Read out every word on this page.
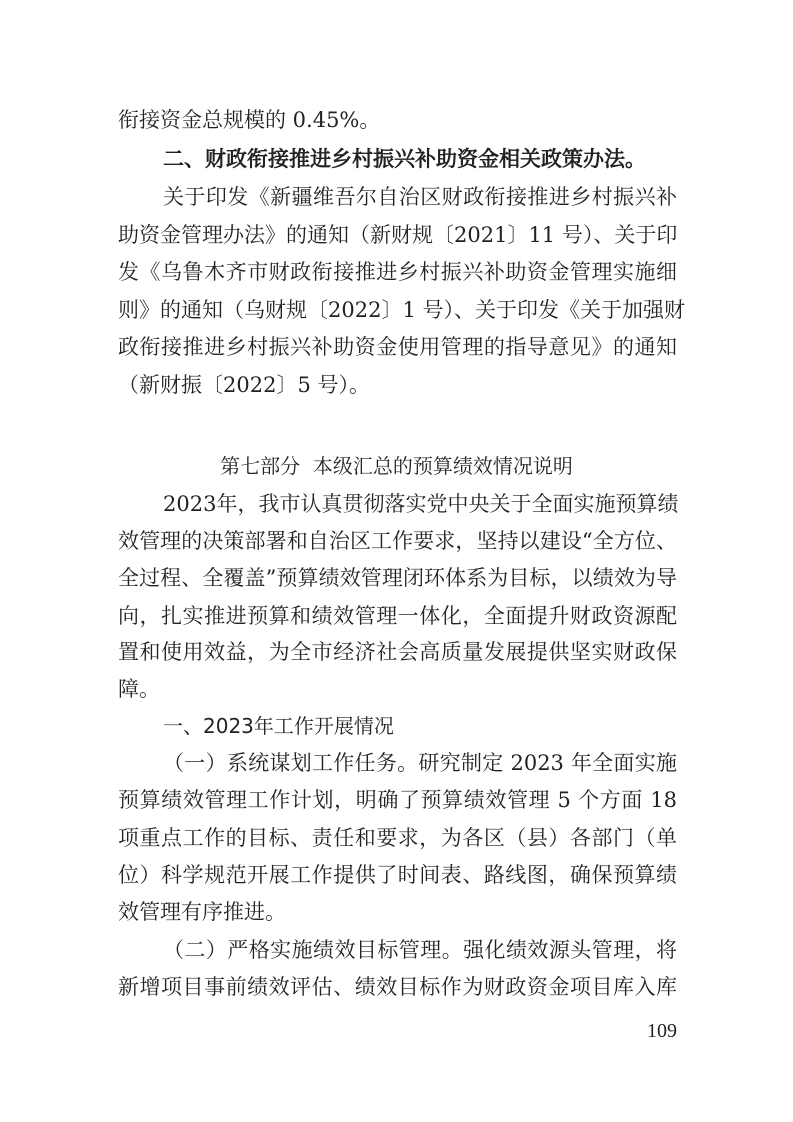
衔接资金总规模的 0.45%。
二、财政衔接推进乡村振兴补助资金相关政策办法。
关于印发《新疆维吾尔自治区财政衔接推进乡村振兴补
助资金管理办法》的通知（新财规〔2021〕11 号）、关于印
发《乌鲁木齐市财政衔接推进乡村振兴补助资金管理实施细
则》的通知（乌财规〔2022〕1 号）、关于印发《关于加强财
政衔接推进乡村振兴补助资金使用管理的指导意见》的通知
（新财振〔2022〕5 号）。
第七部分  本级汇总的预算绩效情况说明
2023年，我市认真贯彻落实党中央关于全面实施预算绩
效管理的决策部署和自治区工作要求，坚持以建设“全方位、
全过程、全覆盖”预算绩效管理闭环体系为目标，以绩效为导
向，扎实推进预算和绩效管理一体化，全面提升财政资源配
置和使用效益，为全市经济社会高质量发展提供坚实财政保
障。
一、2023年工作开展情况
（一）系统谋划工作任务。研究制定 2023 年全面实施
预算绩效管理工作计划，明确了预算绩效管理 5 个方面 18
项重点工作的目标、责任和要求，为各区（县）各部门（单
位）科学规范开展工作提供了时间表、路线图，确保预算绩
效管理有序推进。
（二）严格实施绩效目标管理。强化绩效源头管理，将
新增项目事前绩效评估、绩效目标作为财政资金项目库入库
109
